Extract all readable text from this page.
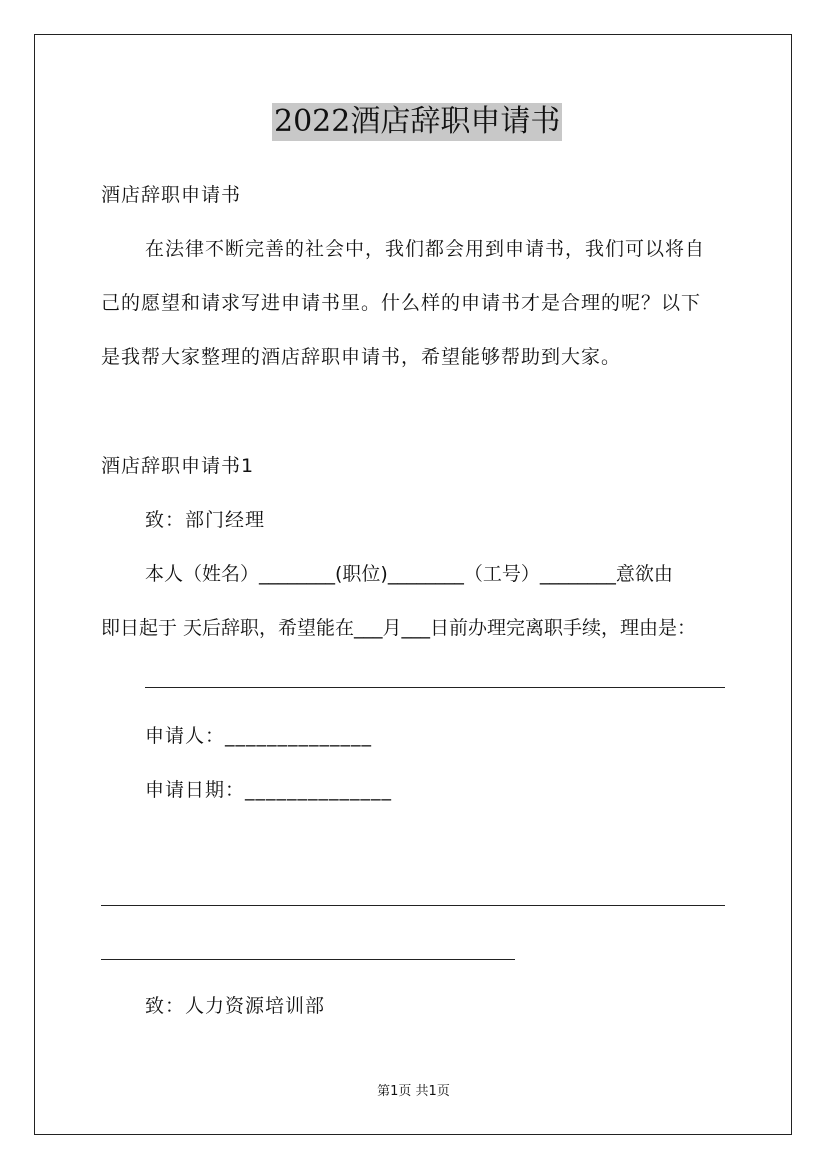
2022酒店辞职申请书
酒店辞职申请书
在法律不断完善的社会中，我们都会用到申请书，我们可以将自
己的愿望和请求写进申请书里。什么样的申请书才是合理的呢？以下
是我帮大家整理的酒店辞职申请书，希望能够帮助到大家。
酒店辞职申请书1
致：部门经理
本人（姓名）________(职位)________（工号）________意欲由
即日起于 天后辞职，希望能在___月___日前办理完离职手续，理由是：
申请人：______________
申请日期：______________
致：人力资源培训部
第1页 共1页
